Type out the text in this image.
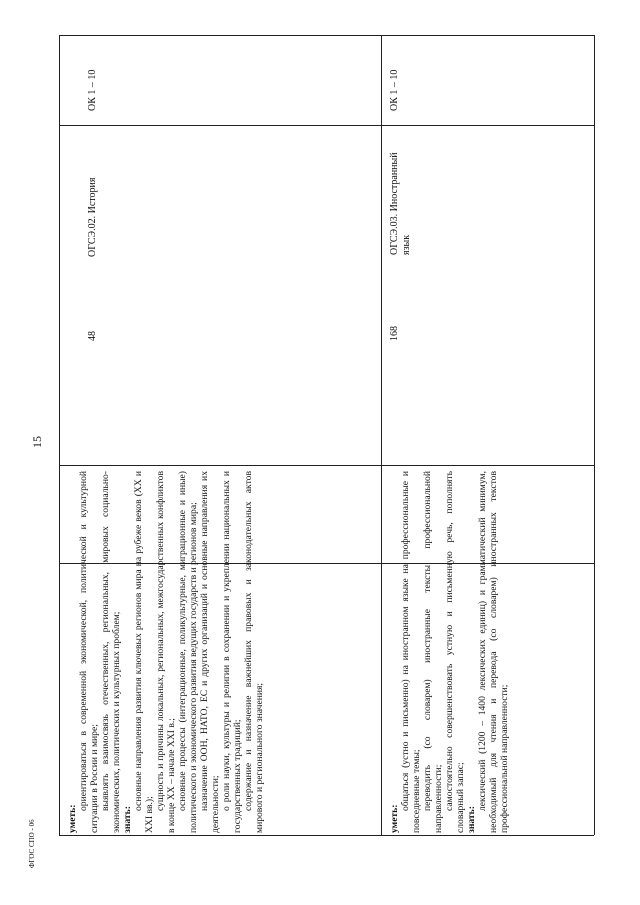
15
ФГОС СПО - 06

уметь:

ориентироваться в современной экономической, политической и культурной ситуации в России и мире; выявлять взаимосвязь отечественных, региональных, мировых социально-экономических, политических и культурных проблем; знать:

основные направления развития ключевых регионов мира на рубеже веков (XX и XXI вв.);

сущность и причины локальных, региональных, межгосударственных конфликтов в конце XX – начале XXI в.; основные процессы (интеграционные, поликультурные, миграционные и иные) политического и экономического развития ведущих государств и регионов мира; назначение ООН, НАТО, ЕС и других организаций и основные направления их деятельности; о роли науки, культуры и религии в сохранении и укреплении национальных и государственных традиций; содержание и назначение важнейших правовых и законодательных актов мирового и регионального значения;

48
ОГСЭ.02. История
ОК 1 – 10

уметь:

общаться (устно и письменно) на иностранном языке на профессиональные и повседневные темы; переводить (со словарем) иностранные тексты профессиональной направленности; самостоятельно совершенствовать устную и письменную речь, пополнять словарный запас; знать:

лексический (1200 – 1400 лексических единиц) и грамматический минимум, необходимый для чтения и перевода (со словарем) иностранных текстов профессиональной направленности;

168
ОГСЭ.03. Иностранный язык
ОК 1 – 10
